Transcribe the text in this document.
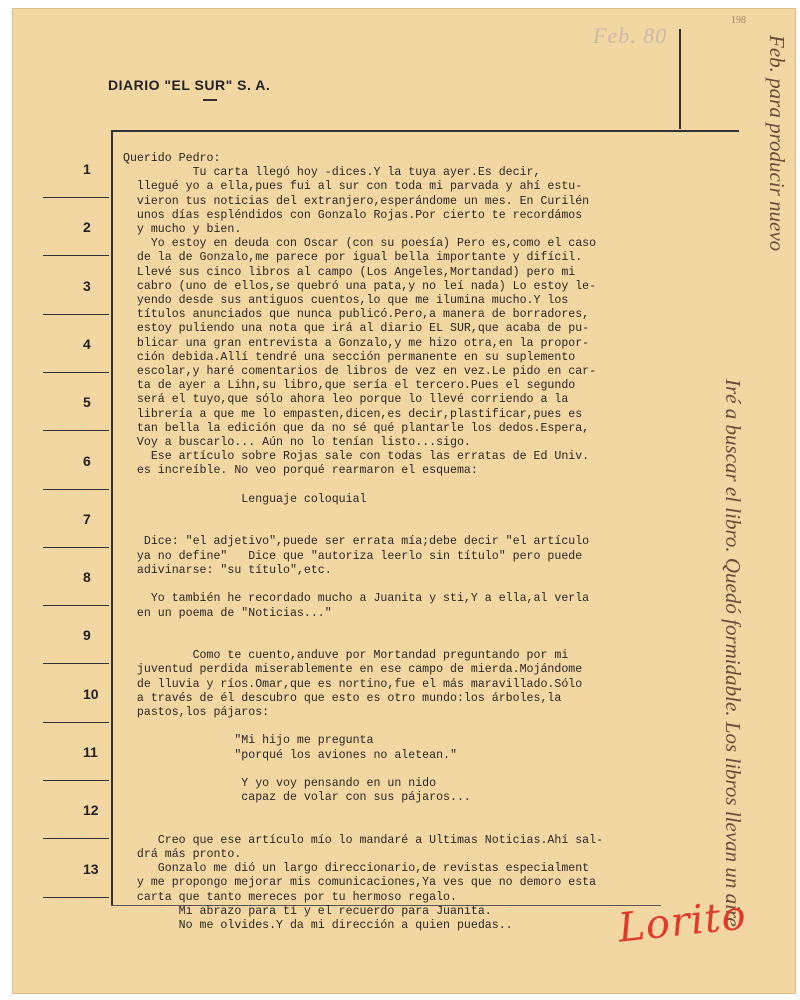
Feb. 80
198
DIARIO "EL SUR" S. A.
1
2
3
4
5
6
7
8
9
10
11
12
13
Querido Pedro:
Tu carta llegó hoy -dices.Y la tuya ayer.Es decir,
llegué yo a ella,pues fui al sur con toda mi parvada y ahí estu-
vieron tus noticias del extranjero,esperándome un mes. En Curilén
unos días espléndidos con Gonzalo Rojas.Por cierto te recordámos
y mucho y bien.
Yo estoy en deuda con Oscar (con su poesía) Pero es,como el caso
de la de Gonzalo,me parece por igual bella importante y difícil.
Llevé sus cinco libros al campo (Los Angeles,Mortandad) pero mi
cabro (uno de ellos,se quebró una pata,y no leí nada) Lo estoy le-
yendo desde sus antiguos cuentos,lo que me ilumina mucho.Y los
títulos anunciados que nunca publicó.Pero,a manera de borradores,
estoy puliendo una nota que irá al diario EL SUR,que acaba de pu-
blicar una gran entrevista a Gonzalo,y me hizo otra,en la propor-
ción debida.Allí tendré una sección permanente en su suplemento
escolar,y haré comentarios de libros de vez en vez.Le pido en car-
ta de ayer a Lihn,su libro,que sería el tercero.Pues el segundo
será el tuyo,que sólo ahora leo porque lo llevé corriendo a la
librería a que me lo empasten,dicen,es decir,plastificar,pues es
tan bella la edición que da no sé qué plantarle los dedos.Espera,
Voy a buscarlo... Aún no lo tenían listo...sigo.
Ese artículo sobre Rojas sale con todas las erratas de Ed Univ.
es increíble. No veo porqué rearmaron el esquema:

Lenguaje coloquial

Dice: "el adjetivo",puede ser errata mía;debe decir "el artículo
ya no define"   Dice que "autoriza leerlo sin título" pero puede
adivinarse: "su título",etc.

Yo también he recordado mucho a Juanita y sti,Y a ella,al verla
en un poema de "Noticias..."

Como te cuento,anduve por Mortandad preguntando por mi
juventud perdida miserablemente en ese campo de mierda.Mojándome
de lluvia y ríos.Omar,que es nortino,fue el más maravillado.Sólo
a través de él descubro que esto es otro mundo:los árboles,la
pastos,los pájaros:

"Mi hijo me pregunta
"porqué los aviones no aletean."

Y yo voy pensando en un nido
capaz de volar con sus pájaros...

Creo que ese artículo mío lo mandaré a Ultimas Noticias.Ahí sal-
drá más pronto.
Gonzalo me dió un largo direccionario,de revistas especialment
y me propongo mejorar mis comunicaciones,Ya ves que no demoro esta
carta que tanto mereces por tu hermoso regalo.
Mi abrazo para tí y el recuerdo para Juanita.
No me olvides.Y da mi dirección a quien puedas..
Feb. para producir nuevo
Iré a buscar el libro. Quedó formidable. Los libros llevan un aire
Lorito
